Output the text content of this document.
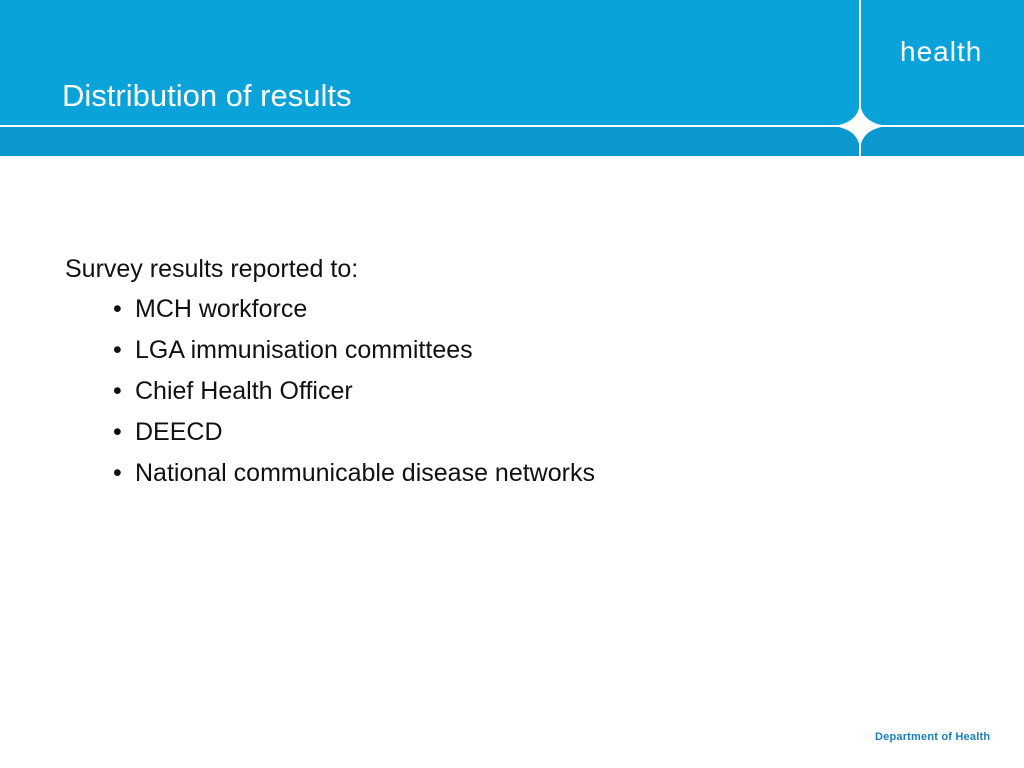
Distribution of results
health

Survey results reported to:

• MCH workforce
• LGA immunisation committees
• Chief Health Officer
• DEECD
• National communicable disease networks
Department of Health
